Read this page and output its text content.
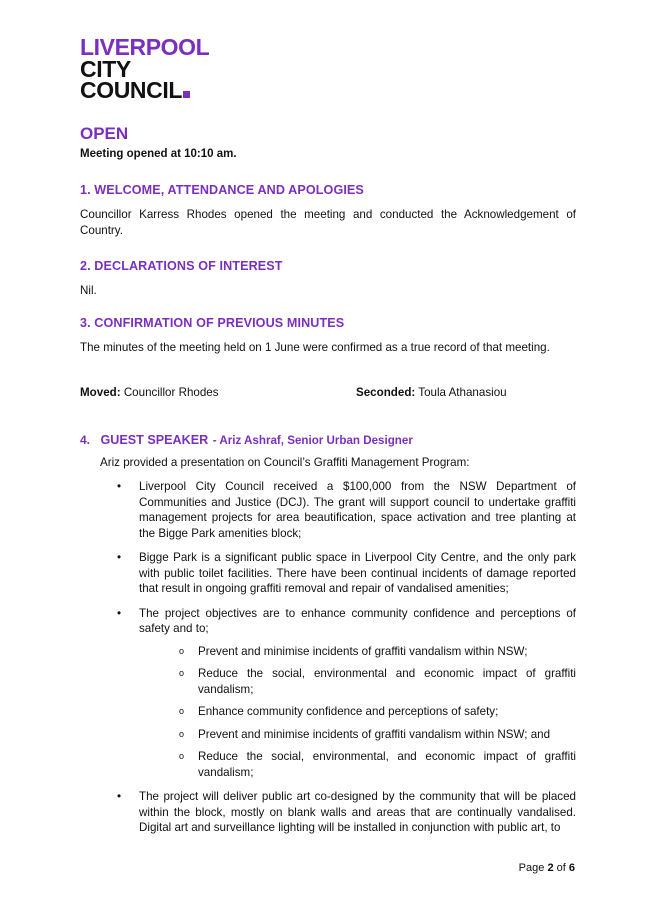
LIVERPOOL
CITY
COUNCIL
OPEN
Meeting opened at 10:10 am.
1. WELCOME, ATTENDANCE AND APOLOGIES
Councillor Karress Rhodes opened the meeting and conducted the Acknowledgement of Country.
2. DECLARATIONS OF INTEREST
Nil.
3. CONFIRMATION OF PREVIOUS MINUTES
The minutes of the meeting held on 1 June were confirmed as a true record of that meeting.
Moved: Councillor Rhodes	Seconded: Toula Athanasiou
4. GUEST SPEAKER - Ariz Ashraf, Senior Urban Designer
Ariz provided a presentation on Council’s Graffiti Management Program:
• Liverpool City Council received a $100,000 from the NSW Department of Communities and Justice (DCJ). The grant will support council to undertake graffiti management projects for area beautification, space activation and tree planting at the Bigge Park amenities block;
• Bigge Park is a significant public space in Liverpool City Centre, and the only park with public toilet facilities. There have been continual incidents of damage reported that result in ongoing graffiti removal and repair of vandalised amenities;
• The project objectives are to enhance community confidence and perceptions of safety and to;
o Prevent and minimise incidents of graffiti vandalism within NSW;
o Reduce the social, environmental and economic impact of graffiti vandalism;
o Enhance community confidence and perceptions of safety;
o Prevent and minimise incidents of graffiti vandalism within NSW; and
o Reduce the social, environmental, and economic impact of graffiti vandalism;
• The project will deliver public art co-designed by the community that will be placed within the block, mostly on blank walls and areas that are continually vandalised. Digital art and surveillance lighting will be installed in conjunction with public art, to
Page 2 of 6
